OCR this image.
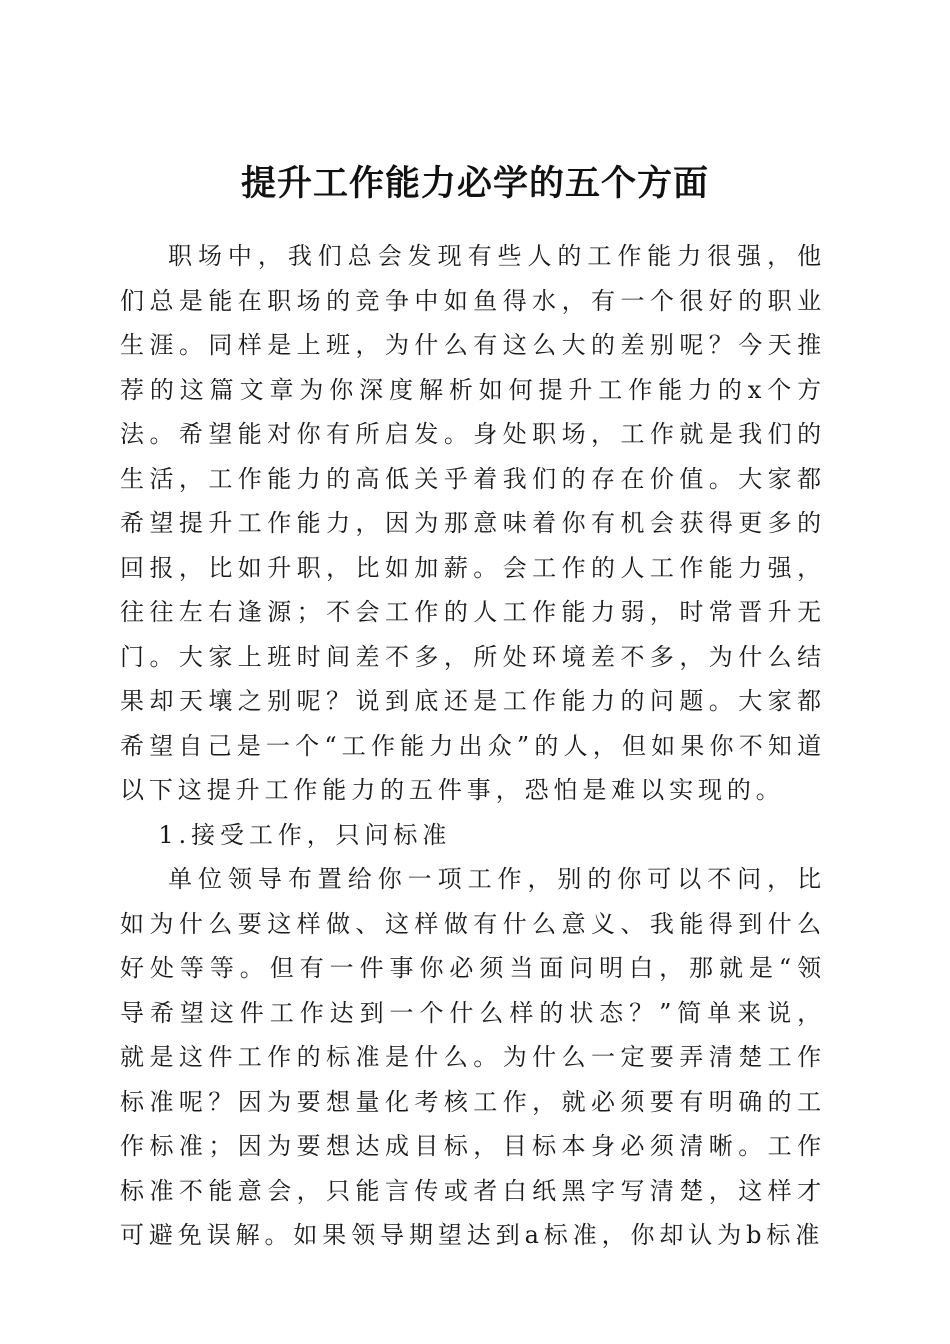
提升工作能力必学的五个方面

职场中，我们总会发现有些人的工作能力很强，他们总是能在职场的竞争中如鱼得水，有一个很好的职业生涯。同样是上班，为什么有这么大的差别呢？今天推荐的这篇文章为你深度解析如何提升工作能力的x个方法。希望能对你有所启发。身处职场，工作就是我们的生活，工作能力的高低关乎着我们的存在价值。大家都希望提升工作能力，因为那意味着你有机会获得更多的回报，比如升职，比如加薪。会工作的人工作能力强，往往左右逢源；不会工作的人工作能力弱，时常晋升无门。大家上班时间差不多，所处环境差不多，为什么结果却天壤之别呢？说到底还是工作能力的问题。大家都希望自己是一个“工作能力出众”的人，但如果你不知道以下这提升工作能力的五件事，恐怕是难以实现的。

1.接受工作，只问标准

单位领导布置给你一项工作，别的你可以不问，比如为什么要这样做、这样做有什么意义、我能得到什么好处等等。但有一件事你必须当面问明白，那就是“领导希望这件工作达到一个什么样的状态？”简单来说，就是这件工作的标准是什么。为什么一定要弄清楚工作标准呢？因为要想量化考核工作，就必须要有明确的工作标准；因为要想达成目标，目标本身必须清晰。工作标准不能意会，只能言传或者白纸黑字写清楚，这样才可避免误解。如果领导期望达到a标准，你却认为b标准
